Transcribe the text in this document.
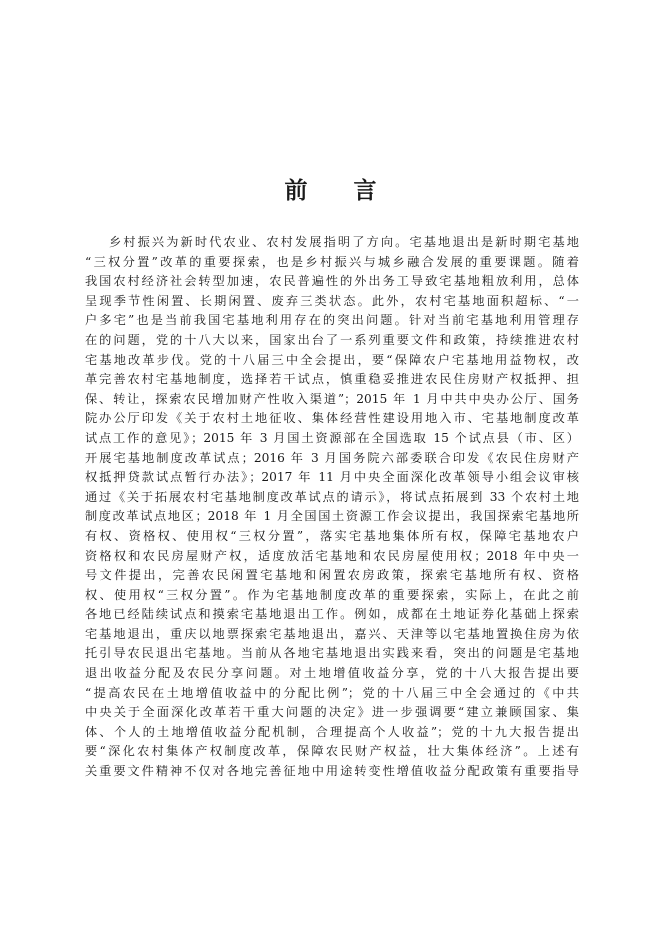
前言
乡村振兴为新时代农业、农村发展指明了方向。宅基地退出是新时期宅基地
“三权分置”改革的重要探索，也是乡村振兴与城乡融合发展的重要课题。随着
我国农村经济社会转型加速，农民普遍性的外出务工导致宅基地粗放利用，总体
呈现季节性闲置、长期闲置、废弃三类状态。此外，农村宅基地面积超标、“一
户多宅”也是当前我国宅基地利用存在的突出问题。针对当前宅基地利用管理存
在的问题，党的十八大以来，国家出台了一系列重要文件和政策，持续推进农村
宅基地改革步伐。党的十八届三中全会提出，要“保障农户宅基地用益物权，改
革完善农村宅基地制度，选择若干试点，慎重稳妥推进农民住房财产权抵押、担
保、转让，探索农民增加财产性收入渠道”；2015 年 1 月中共中央办公厅、国务
院办公厅印发《关于农村土地征收、集体经营性建设用地入市、宅基地制度改革
试点工作的意见》；2015 年 3 月国土资源部在全国选取 15 个试点县（市、区）
开展宅基地制度改革试点；2016 年 3 月国务院六部委联合印发《农民住房财产
权抵押贷款试点暂行办法》；2017 年 11 月中央全面深化改革领导小组会议审核
通过《关于拓展农村宅基地制度改革试点的请示》，将试点拓展到 33 个农村土地
制度改革试点地区；2018 年 1 月全国国土资源工作会议提出，我国探索宅基地所
有权、资格权、使用权“三权分置”，落实宅基地集体所有权，保障宅基地农户
资格权和农民房屋财产权，适度放活宅基地和农民房屋使用权；2018 年中央一
号文件提出，完善农民闲置宅基地和闲置农房政策，探索宅基地所有权、资格
权、使用权“三权分置”。作为宅基地制度改革的重要探索，实际上，在此之前
各地已经陆续试点和摸索宅基地退出工作。例如，成都在土地证券化基础上探索
宅基地退出，重庆以地票探索宅基地退出，嘉兴、天津等以宅基地置换住房为依
托引导农民退出宅基地。当前从各地宅基地退出实践来看，突出的问题是宅基地
退出收益分配及农民分享问题。对土地增值收益分享，党的十八大报告提出要
“提高农民在土地增值收益中的分配比例”；党的十八届三中全会通过的《中共
中央关于全面深化改革若干重大问题的决定》进一步强调要“建立兼顾国家、集
体、个人的土地增值收益分配机制，合理提高个人收益”；党的十九大报告提出
要“深化农村集体产权制度改革，保障农民财产权益，壮大集体经济”。上述有
关重要文件精神不仅对各地完善征地中用途转变性增值收益分配政策有重要指导
